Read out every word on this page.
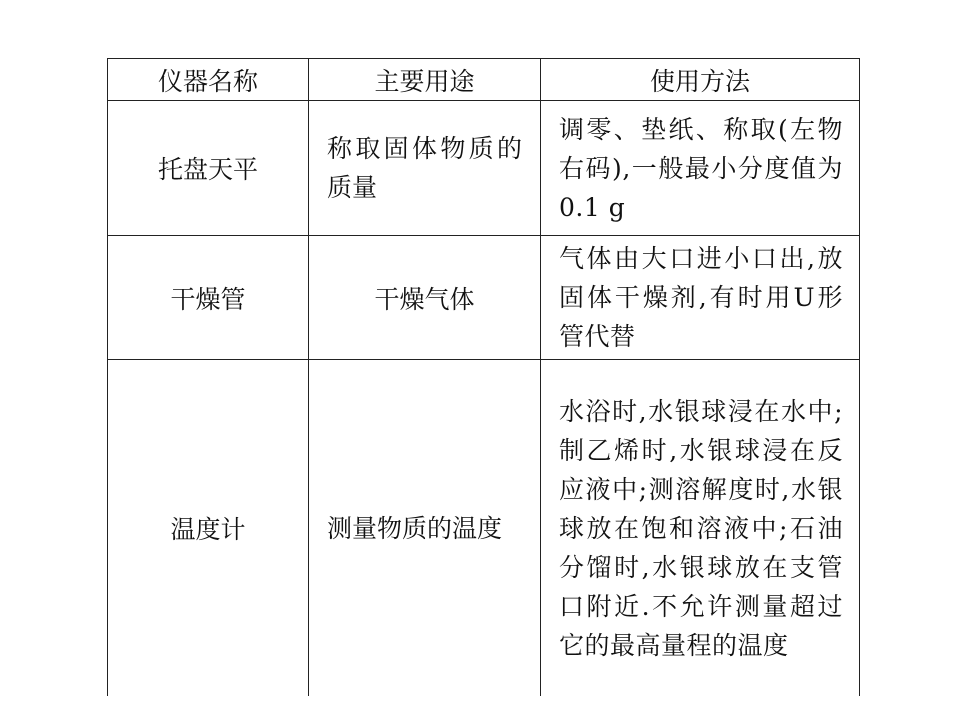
仪器名称	主要用途	使用方法
托盘天平	称取固体物质的质量	调零、垫纸、称取(左物右码),一般最小分度值为0.1 g
干燥管	干燥气体	气体由大口进小口出,放固体干燥剂,有时用U形管代替
温度计	测量物质的温度	水浴时,水银球浸在水中;制乙烯时,水银球浸在反应液中;测溶解度时,水银球放在饱和溶液中;石油分馏时,水银球放在支管口附近.不允许测量超过它的最高量程的温度
